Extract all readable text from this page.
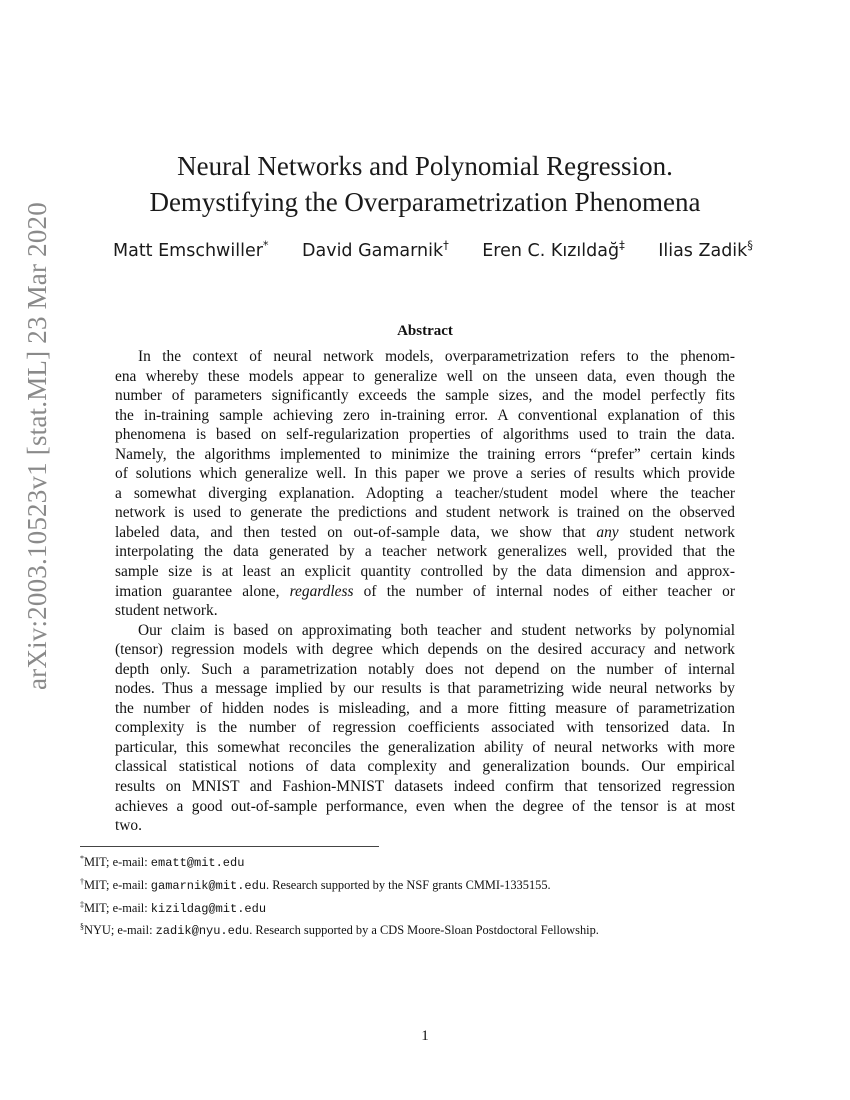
arXiv:2003.10523v1 [stat.ML] 23 Mar 2020
Neural Networks and Polynomial Regression.
Demystifying the Overparametrization Phenomena
Matt Emschwiller* David Gamarnik† Eren C. Kızıldağ‡ Ilias Zadik§
Abstract
In the context of neural network models, overparametrization refers to the phenom-
ena whereby these models appear to generalize well on the unseen data, even though the
number of parameters significantly exceeds the sample sizes, and the model perfectly fits
the in-training sample achieving zero in-training error. A conventional explanation of this
phenomena is based on self-regularization properties of algorithms used to train the data.
Namely, the algorithms implemented to minimize the training errors “prefer” certain kinds
of solutions which generalize well. In this paper we prove a series of results which provide
a somewhat diverging explanation. Adopting a teacher/student model where the teacher
network is used to generate the predictions and student network is trained on the observed
labeled data, and then tested on out-of-sample data, we show that any student network
interpolating the data generated by a teacher network generalizes well, provided that the
sample size is at least an explicit quantity controlled by the data dimension and approx-
imation guarantee alone, regardless of the number of internal nodes of either teacher or
student network.
Our claim is based on approximating both teacher and student networks by polynomial
(tensor) regression models with degree which depends on the desired accuracy and network
depth only. Such a parametrization notably does not depend on the number of internal
nodes. Thus a message implied by our results is that parametrizing wide neural networks by
the number of hidden nodes is misleading, and a more fitting measure of parametrization
complexity is the number of regression coefficients associated with tensorized data. In
particular, this somewhat reconciles the generalization ability of neural networks with more
classical statistical notions of data complexity and generalization bounds. Our empirical
results on MNIST and Fashion-MNIST datasets indeed confirm that tensorized regression
achieves a good out-of-sample performance, even when the degree of the tensor is at most
two.
*MIT; e-mail: ematt@mit.edu
†MIT; e-mail: gamarnik@mit.edu. Research supported by the NSF grants CMMI-1335155.
‡MIT; e-mail: kizildag@mit.edu
§NYU; e-mail: zadik@nyu.edu. Research supported by a CDS Moore-Sloan Postdoctoral Fellowship.
1
